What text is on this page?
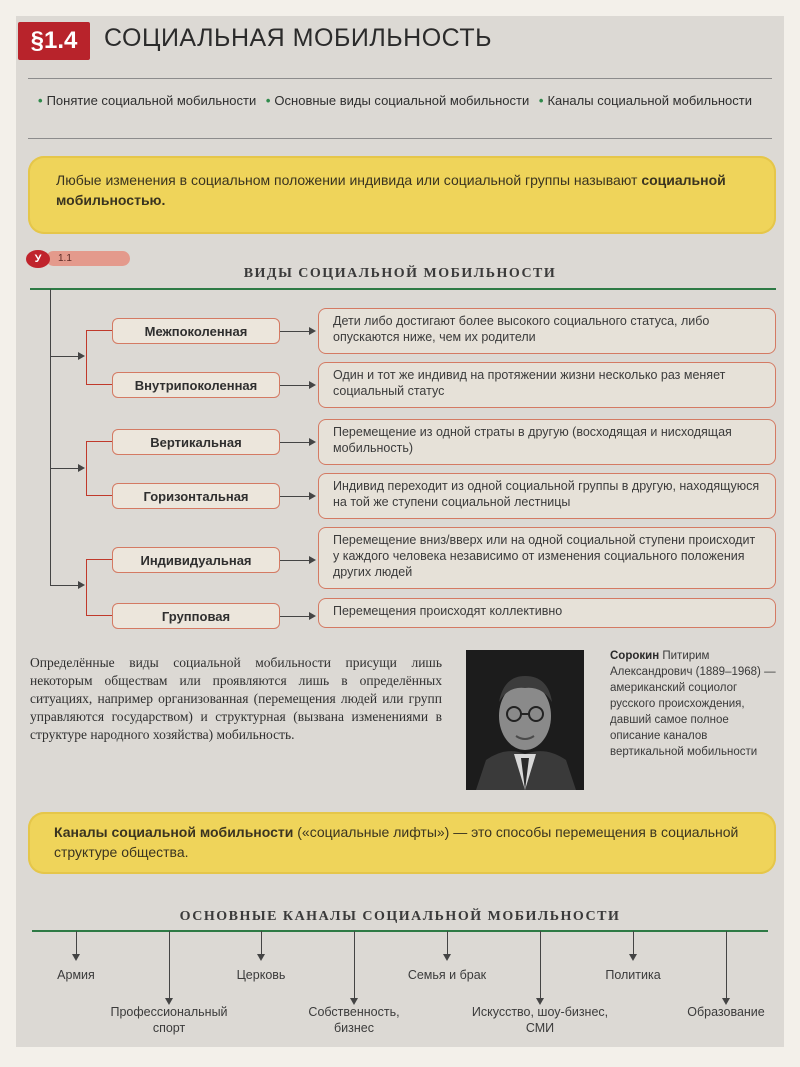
§1.4	СОЦИАЛЬНАЯ МОБИЛЬНОСТЬ
• Понятие социальной мобильности • Основные виды социальной мобильности • Каналы социальной мобильности
Любые изменения в социальном положении индивида или социальной группы называют социальной мобильностью.
1.1
У
ВИДЫ СОЦИАЛЬНОЙ МОБИЛЬНОСТИ
Межпоколенная
Внутрипоколенная
Вертикальная
Горизонтальная
Индивидуальная
Групповая
Дети либо достигают более высокого социального статуса, либо опускаются ниже, чем их родители
Один и тот же индивид на протяжении жизни несколько раз меняет социальный статус
Перемещение из одной страты в другую (восходящая и нисходящая мобильность)
Индивид переходит из одной социальной группы в другую, находящуюся на той же ступени социальной лестницы
Перемещение вниз/вверх или на одной социальной ступени происходит у каждого человека независимо от изменения социального положения других людей
Перемещения происходят коллективно
Определённые виды социальной мобильности присущи лишь некоторым обществам или проявляются лишь в определённых ситуациях, например организованная (перемещения людей или групп управляются государством) и структурная (вызвана изменениями в структуре народного хозяйства) мобильность.
Сорокин Питирим Александрович (1889–1968) — американский социолог русского происхождения, давший самое полное описание каналов вертикальной мобильности
Каналы социальной мобильности («социальные лифты») — это способы перемещения в социальной структуре общества.
ОСНОВНЫЕ КАНАЛЫ СОЦИАЛЬНОЙ МОБИЛЬНОСТИ
Армия
Профессиональный спорт
Церковь
Собственность, бизнес
Семья и брак
Искусство, шоу-бизнес, СМИ
Политика
Образование
